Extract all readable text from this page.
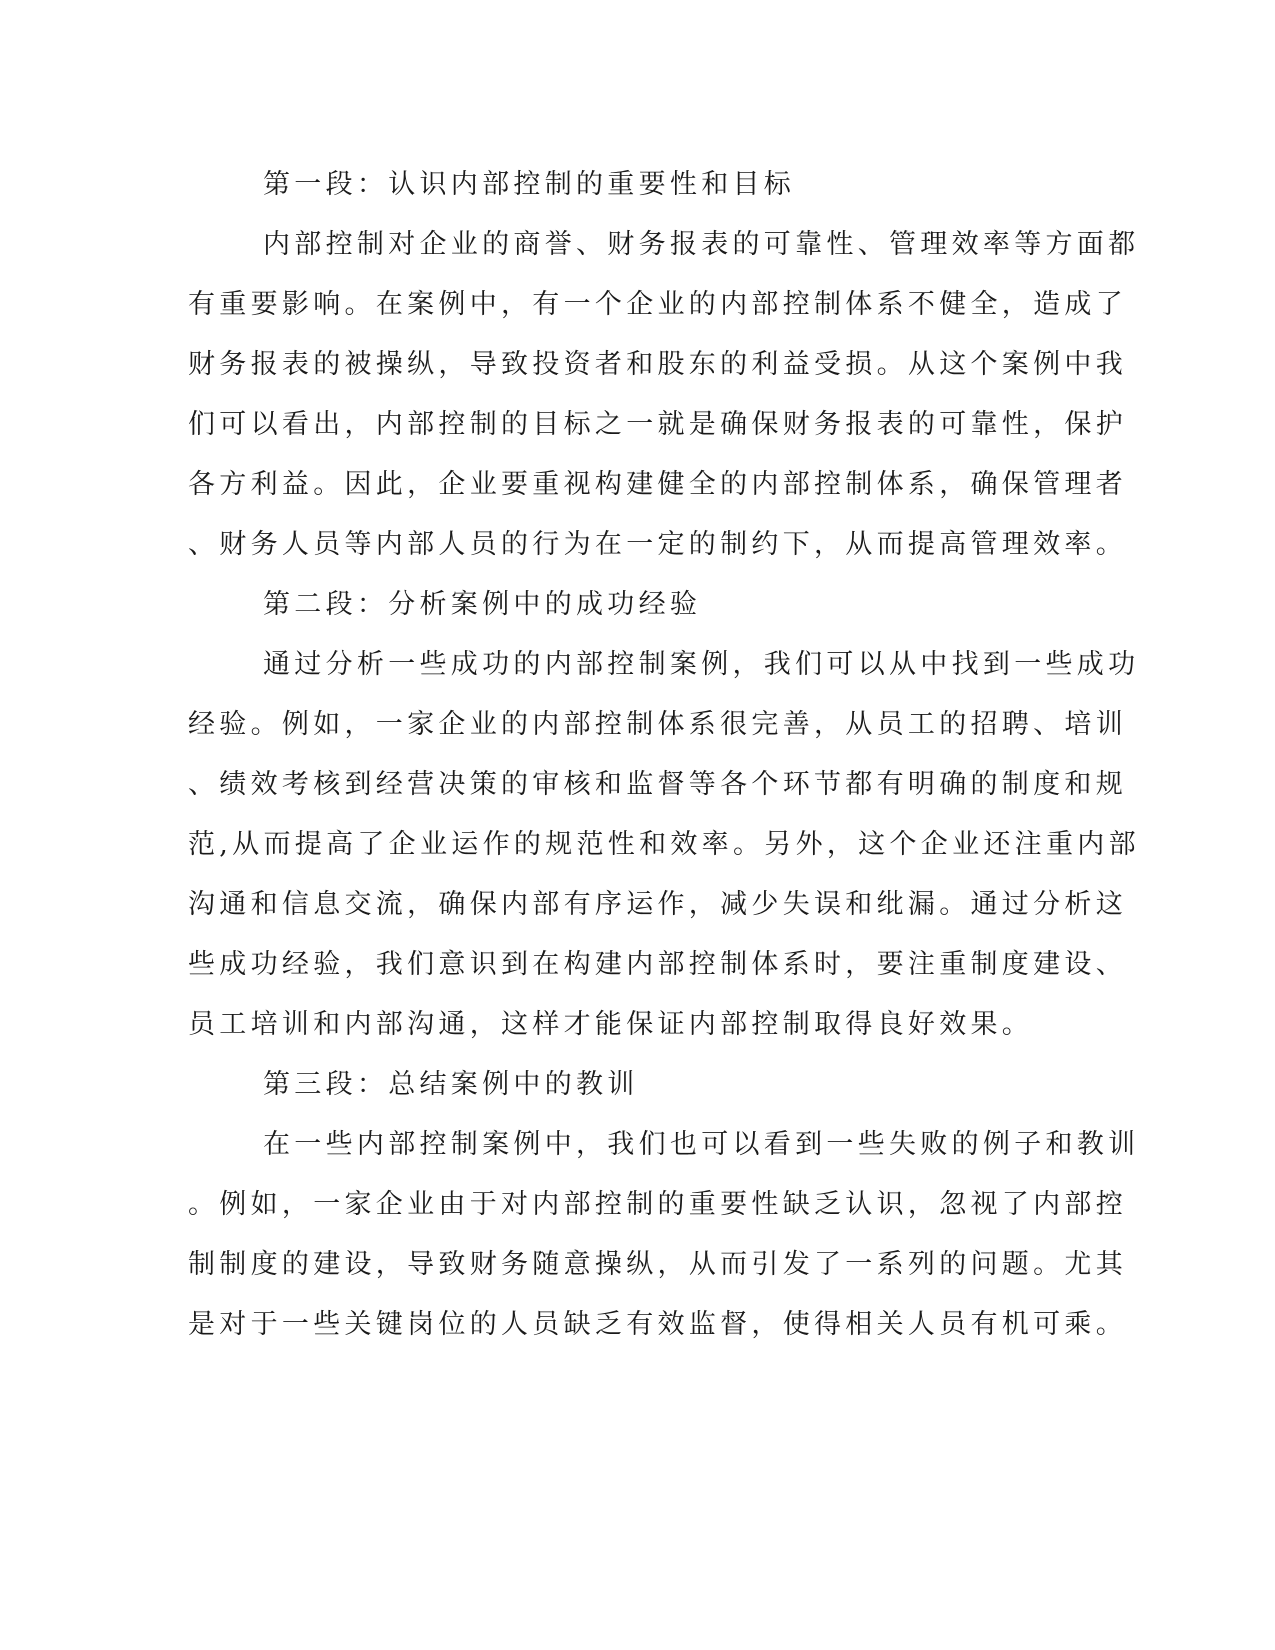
第一段：认识内部控制的重要性和目标

内部控制对企业的商誉、财务报表的可靠性、管理效率等方面都

有重要影响。在案例中，有一个企业的内部控制体系不健全，造成了

财务报表的被操纵，导致投资者和股东的利益受损。从这个案例中我

们可以看出，内部控制的目标之一就是确保财务报表的可靠性，保护

各方利益。因此，企业要重视构建健全的内部控制体系，确保管理者

、财务人员等内部人员的行为在一定的制约下，从而提高管理效率。

第二段：分析案例中的成功经验

通过分析一些成功的内部控制案例，我们可以从中找到一些成功

经验。例如，一家企业的内部控制体系很完善，从员工的招聘、培训

、绩效考核到经营决策的审核和监督等各个环节都有明确的制度和规

范,从而提高了企业运作的规范性和效率。另外，这个企业还注重内部

沟通和信息交流，确保内部有序运作，减少失误和纰漏。通过分析这

些成功经验，我们意识到在构建内部控制体系时，要注重制度建设、

员工培训和内部沟通，这样才能保证内部控制取得良好效果。

第三段：总结案例中的教训

在一些内部控制案例中，我们也可以看到一些失败的例子和教训

。例如，一家企业由于对内部控制的重要性缺乏认识，忽视了内部控

制制度的建设，导致财务随意操纵，从而引发了一系列的问题。尤其

是对于一些关键岗位的人员缺乏有效监督，使得相关人员有机可乘。
